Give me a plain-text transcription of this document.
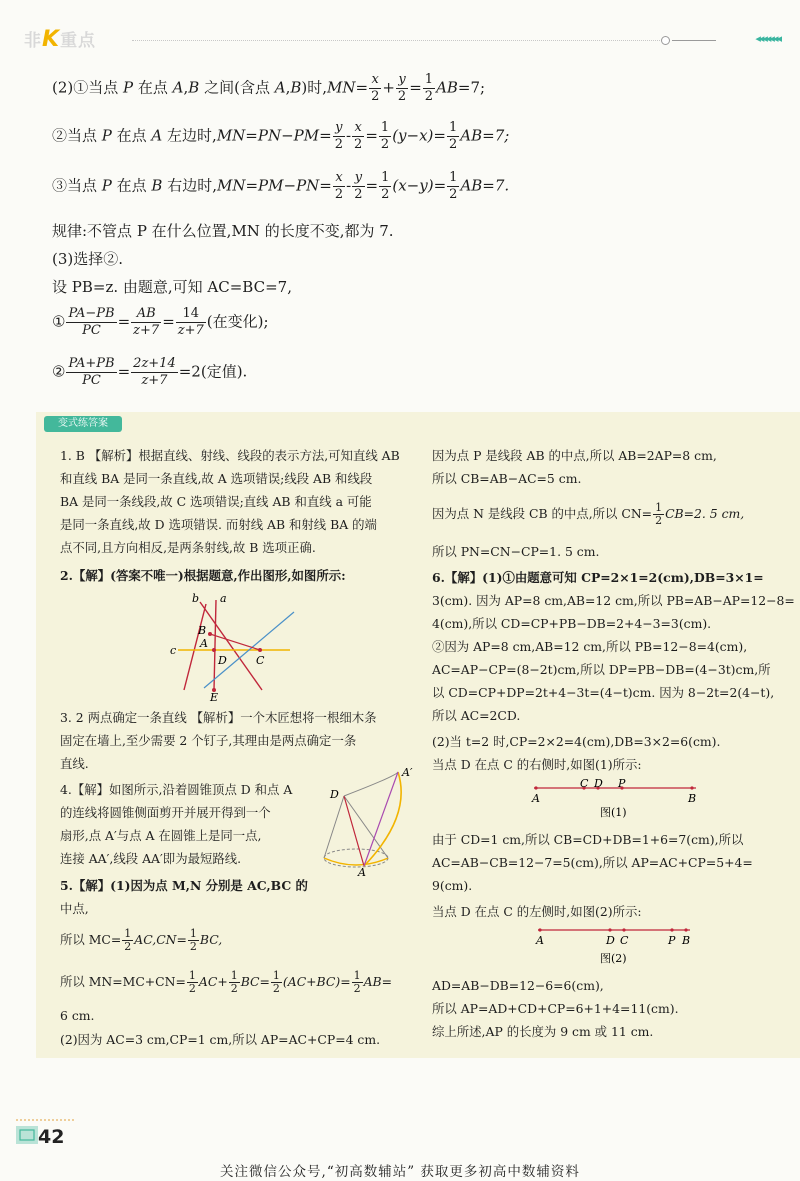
非K重点	◂◂◂◂◂◂◂
(2)①当点 P 在点 A,B 之间(含点 A,B)时$,MN= \frac{x}{2} + \frac{y}{2} = \frac{1}{2} AB=7$;
②当点 P 在点 A 左边时$,MN=PN-PM= \frac{y}{2} - \frac{x}{2} = \frac{1}{2} (y-x)= \frac{1}{2} AB=7$;
③当点 P 在点 B 右边时$,MN=PM-PN= \frac{x}{2} - \frac{y}{2} = \frac{1}{2} (x-y)= \frac{1}{2} AB=7$.
规律:不管点 P 在什么位置,MN 的长度不变,都为 7.
(3)选择②.
设 PB=z. 由题意,可知 AC=BC=7,
① $\frac{PA-PB}{PC} = \frac{AB}{z+7} = \frac{14}{z+7}$ (在变化);
② $\frac{PA+PB}{PC} = \frac{2z+14}{z+7} =2$(定值).
变式练答案
1. B 【解析】根据直线、射线、线段的表示方法,可知直线 AB
和直线 BA 是同一条直线,故 A 选项错误;线段 AB 和线段
BA 是同一条线段,故 C 选项错误;直线 AB 和直线 a 可能
是同一条直线,故 D 选项错误. 而射线 AB 和射线 BA 的端
点不同,且方向相反,是两条射线,故 B 选项正确.
2.【解】(答案不唯一)根据题意,作出图形,如图所示:
b a
B
A
c
D	C
E
3. 2 两点确定一条直线 【解析】一个木匠想将一根细木条
固定在墙上,至少需要 2 个钉子,其理由是两点确定一条
直线.
4.【解】如图所示,沿着圆锥顶点 D 和点 A
的连线将圆锥侧面剪开并展开得到一个
扇形,点 A′与点 A 在圆锥上是同一点,
连接 AA′,线段 AA′即为最短路线.
A′
D
A
5.【解】(1)因为点 M,N 分别是 AC,BC 的
中点,
所以 $MC= \frac{1}{2} AC,CN= \frac{1}{2}$ BC,
所以 $MN=MC+CN= \frac{1}{2} AC+ \frac{1}{2} BC= \frac{1}{2} (AC+BC)= \frac{1}{2} AB=$
6 cm.
(2)因为 AC=3 cm,CP=1 cm,所以 AP=AC+CP=4 cm.
因为点 P 是线段 AB 的中点,所以 AB=2AP=8 cm,
所以 CB=AB−AC=5 cm.
因为点 N 是线段 CB 的中点,所以 $CN= \frac{1}{2} CB=2$. 5 cm,
所以 PN=CN−CP=1. 5 cm.
6.【解】(1)①由题意可知 CP=2×1=2(cm),DB=3×1=
3(cm). 因为 AP=8 cm,AB=12 cm,所以 PB=AB−AP=12−8=
4(cm),所以 CD=CP+PB−DB=2+4−3=3(cm).
②因为 AP=8 cm,AB=12 cm,所以 PB=12−8=4(cm),
AC=AP−CP=(8−2t)cm,所以 DP=PB−DB=(4−3t)cm,所
以 CD=CP+DP=2t+4−3t=(4−t)cm. 因为 8−2t=2(4−t),
所以 AC=2CD.
(2)当 t=2 时,CP=2×2=4(cm),DB=3×2=6(cm).
当点 D 在点 C 的右侧时,如图(1)所示:
A
C D P
B
图(1)
由于 CD=1 cm,所以 CB=CD+DB=1+6=7(cm),所以
AC=AB−CB=12−7=5(cm),所以 AP=AC+CP=5+4=
9(cm).
当点 D 在点 C 的左侧时,如图(2)所示:
A	D C	P B
图(2)
AD=AB−DB=12−6=6(cm),
所以 AP=AD+CD+CP=6+1+4=11(cm).
综上所述,AP 的长度为 9 cm 或 11 cm.
42
关注微信公众号,“初高数辅站” 获取更多初高中数辅资料
